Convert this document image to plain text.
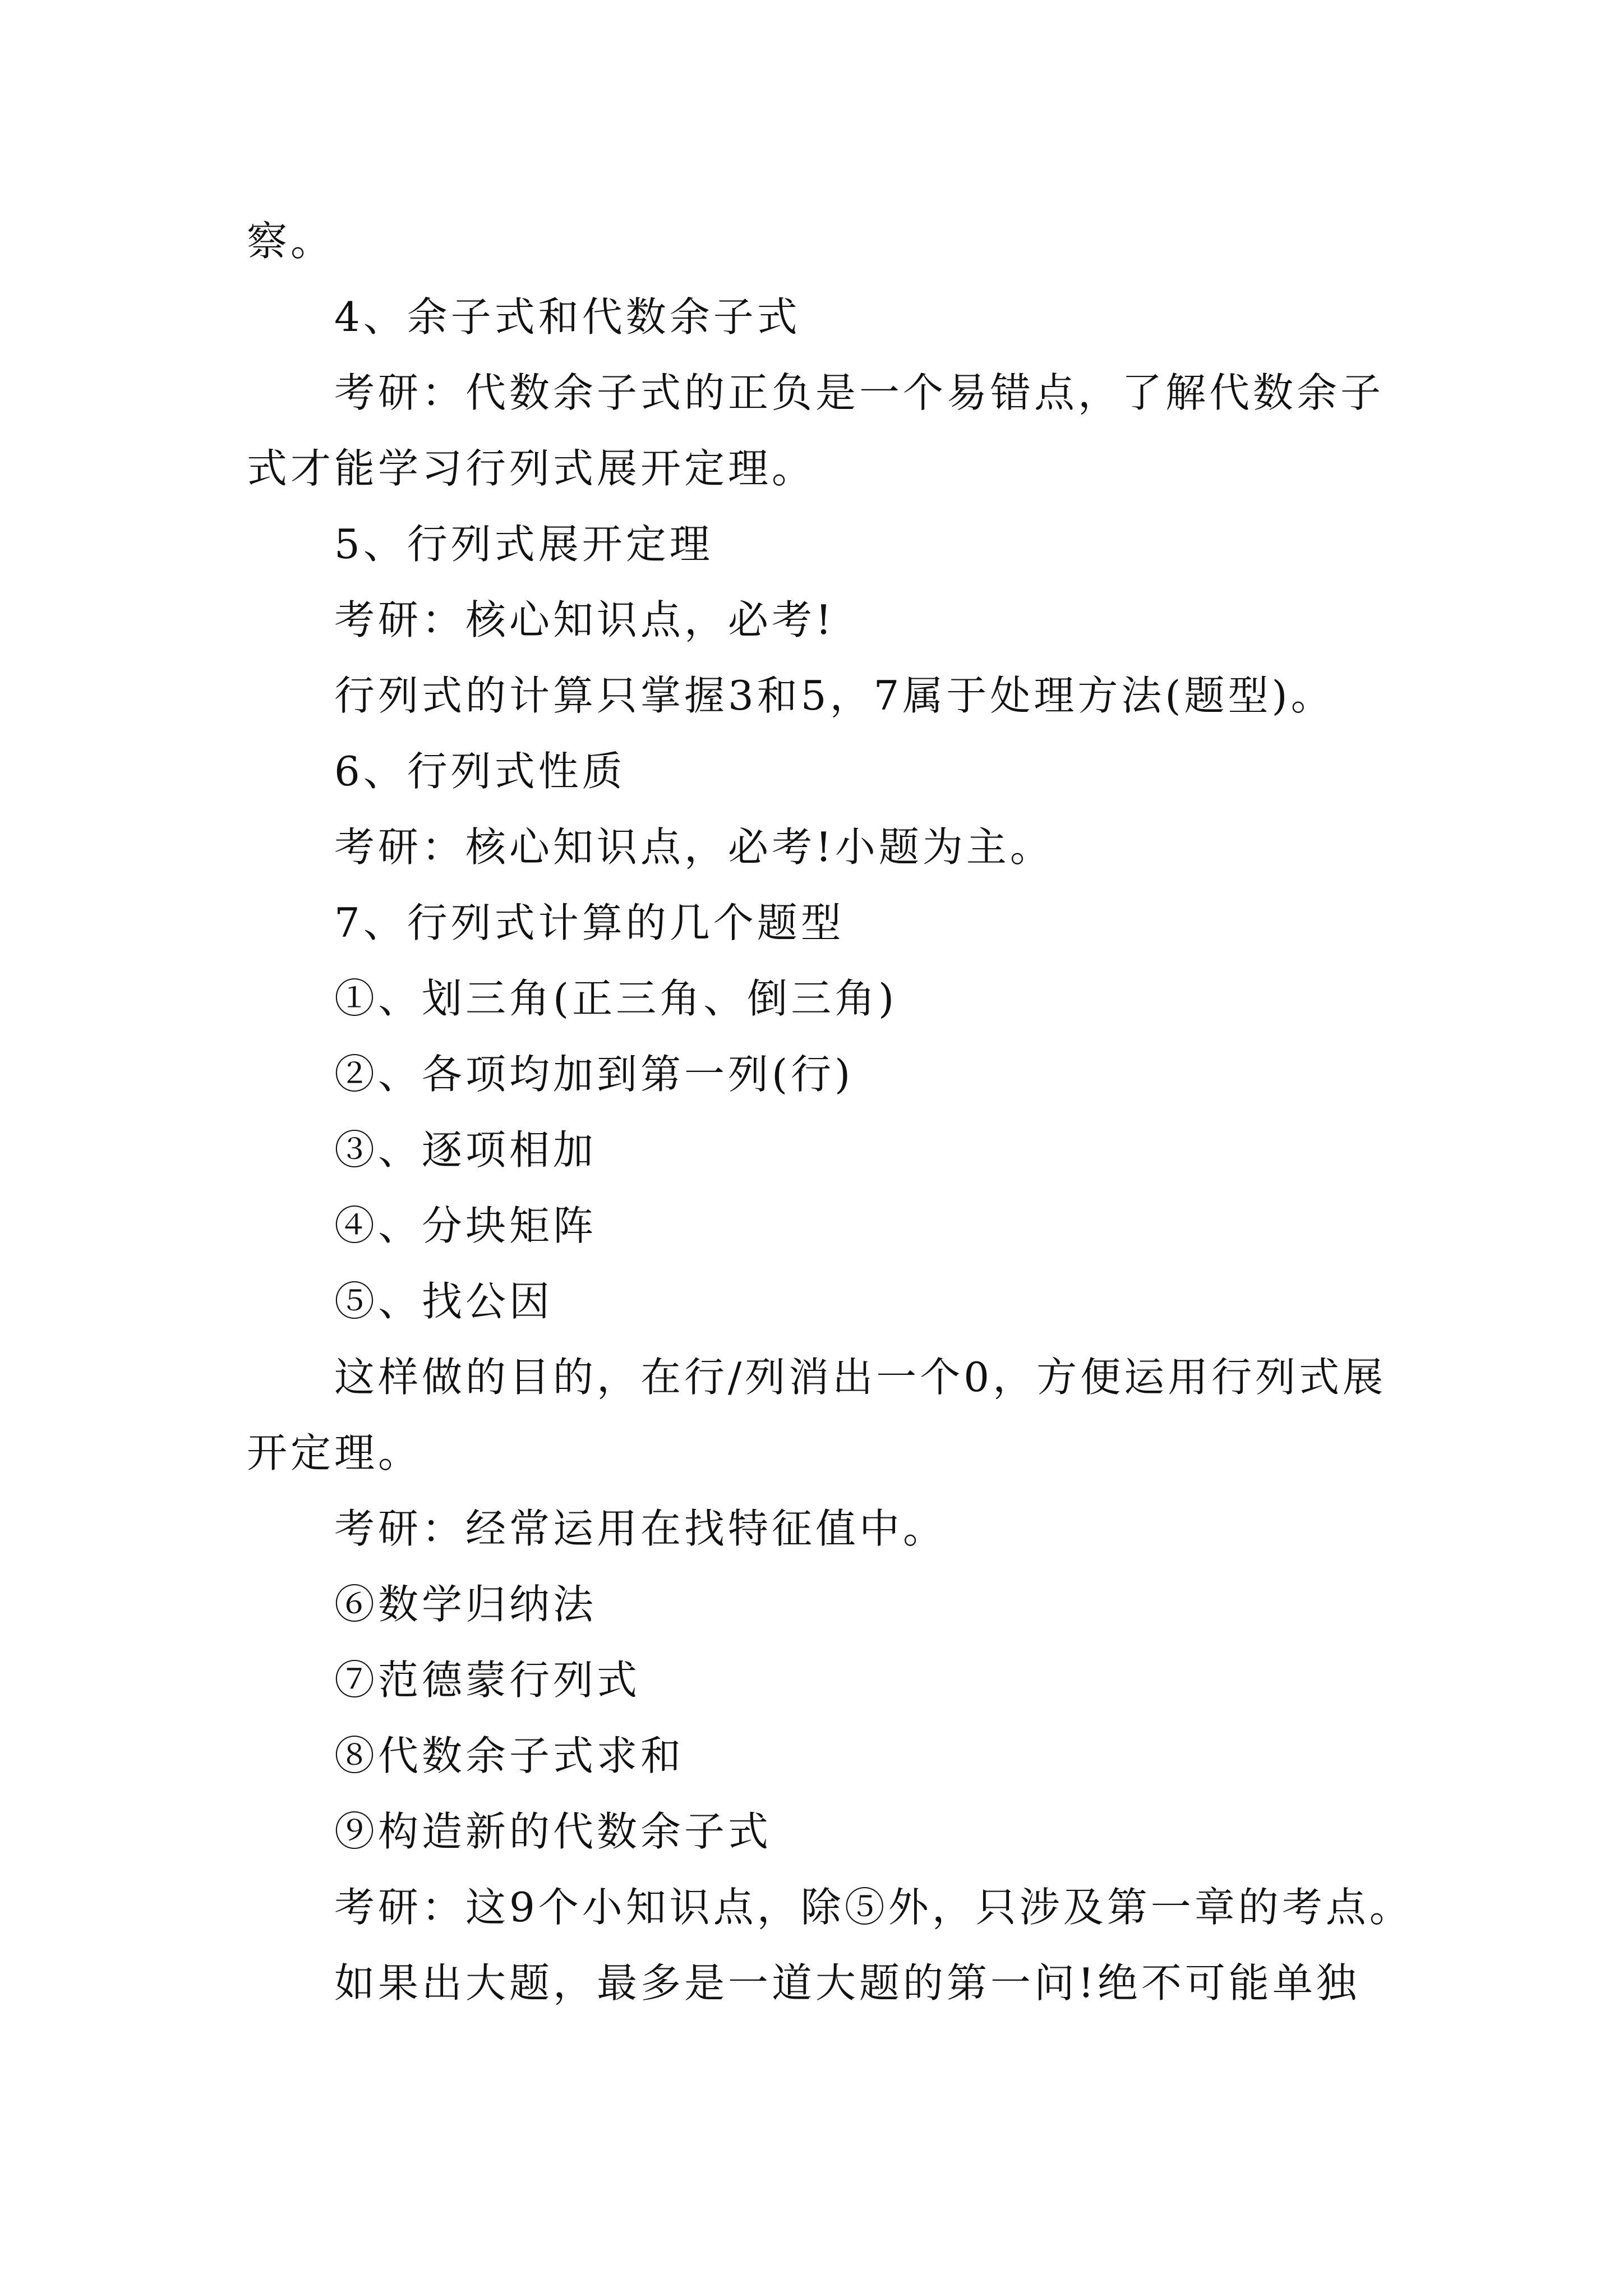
察。

4、余子式和代数余子式

考研：代数余子式的正负是一个易错点，了解代数余子

式才能学习行列式展开定理。

5、行列式展开定理

考研：核心知识点，必考!

行列式的计算只掌握3和5，7属于处理方法(题型)。

6、行列式性质

考研：核心知识点，必考!小题为主。

7、行列式计算的几个题型

①、划三角(正三角、倒三角)

②、各项均加到第一列(行)

③、逐项相加

④、分块矩阵

⑤、找公因

这样做的目的，在行/列消出一个0，方便运用行列式展

开定理。

考研：经常运用在找特征值中。

⑥数学归纳法

⑦范德蒙行列式

⑧代数余子式求和

⑨构造新的代数余子式

考研：这9个小知识点，除⑤外，只涉及第一章的考点。

如果出大题，最多是一道大题的第一问!绝不可能单独
